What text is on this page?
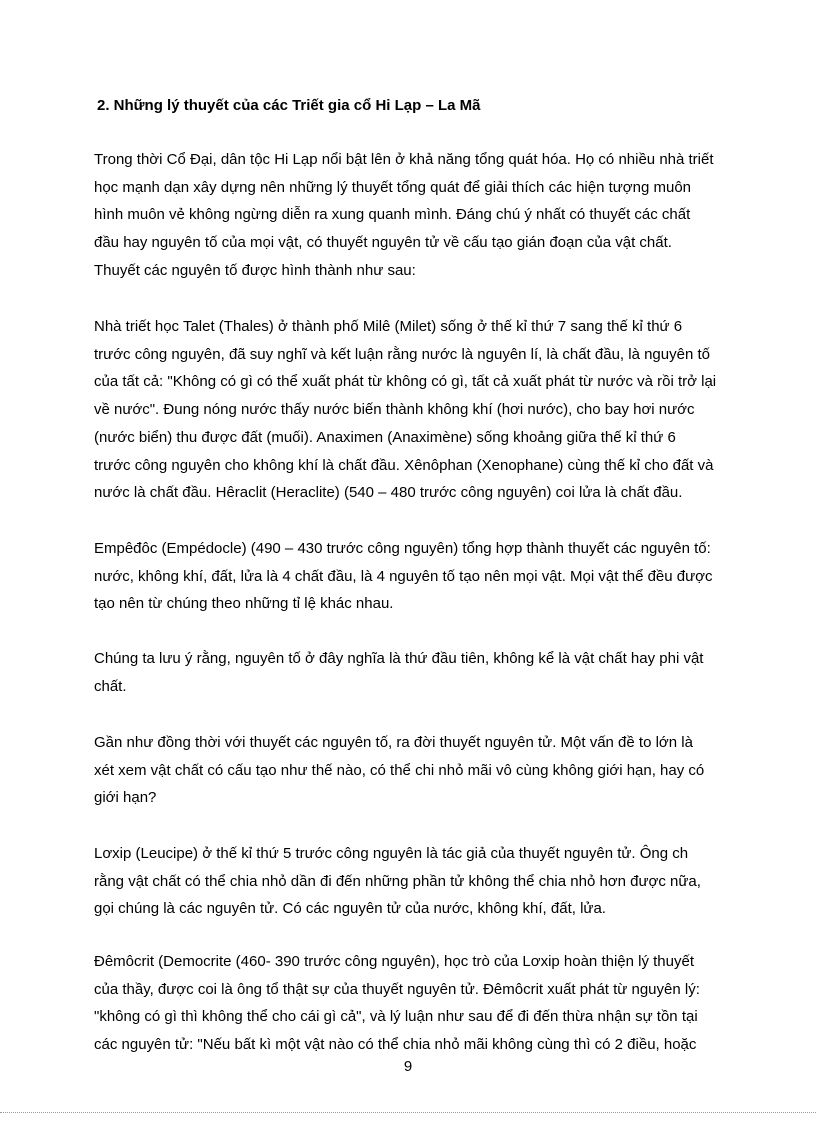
2. Những lý thuyết của các Triết gia cổ Hi Lạp – La Mã
Trong thời Cổ Đại, dân tộc Hi Lạp nổi bật lên ở khả năng tổng quát hóa. Họ có nhiều nhà triết
học mạnh dạn xây dựng nên những lý thuyết tổng quát để giải thích các hiện tượng muôn
hình muôn vẻ không ngừng diễn ra xung quanh mình. Đáng chú ý nhất có thuyết các chất
đầu hay nguyên tố của mọi vật, có thuyết nguyên tử về cấu tạo gián đoạn của vật chất.
Thuyết các nguyên tố được hình thành như sau:
Nhà triết học Talet (Thales) ở thành phố Milê (Milet) sống ở thế kỉ thứ 7 sang thế kỉ thứ 6
trước công nguyên, đã suy nghĩ và kết luận rằng nước là nguyên lí, là chất đầu, là nguyên tố
của tất cả: "Không có gì có thể xuất phát từ không có gì, tất cả xuất phát từ nước và rồi trở lại
về nước". Đung nóng nước thấy nước biến thành không khí (hơi nước), cho bay hơi nước
(nước biển) thu được đất (muối). Anaximen (Anaximène) sống khoảng giữa thế kỉ thứ 6
trước công nguyên cho không khí là chất đầu. Xênôphan (Xenophane) cùng thế kỉ cho đất và
nước là chất đầu. Hêraclit (Heraclite) (540 – 480 trước công nguyên) coi lửa là chất đầu.
Empêđôc (Empédocle) (490 – 430 trước công nguyên) tổng hợp thành thuyết các nguyên tố:
nước, không khí, đất, lửa là 4 chất đầu, là 4 nguyên tố tạo nên mọi vật. Mọi vật thể đều được
tạo nên từ chúng theo những tỉ lệ khác nhau.
Chúng ta lưu ý rằng, nguyên tố ở đây nghĩa là thứ đầu tiên, không kể là vật chất hay phi vật
chất.
Gần như đồng thời với thuyết các nguyên tố, ra đời thuyết nguyên tử. Một vấn đề to lớn là
xét xem vật chất có cấu tạo như thế nào, có thể chi nhỏ mãi vô cùng không giới hạn, hay có
giới hạn?
Lơxip (Leucipe) ở thế kỉ thứ 5 trước công nguyên là tác giả của thuyết nguyên tử. Ông ch
rằng vật chất có thể chia nhỏ dần đi đến những phần tử không thể chia nhỏ hơn được nữa,
gọi chúng là các nguyên tử. Có các nguyên tử của nước, không khí, đất, lửa.
Đêmôcrit (Democrite (460- 390 trước công nguyên), học trò của Lơxip hoàn thiện lý thuyết
của thầy, được coi là ông tổ thật sự của thuyết nguyên tử. Đêmôcrit xuất phát từ nguyên lý:
"không có gì thì không thể cho cái gì cả", và lý luận như sau để đi đến thừa nhận sự tồn tại
các nguyên tử: "Nếu bất kì một vật nào có thể chia nhỏ mãi không cùng thì có 2 điều, hoặc
9
